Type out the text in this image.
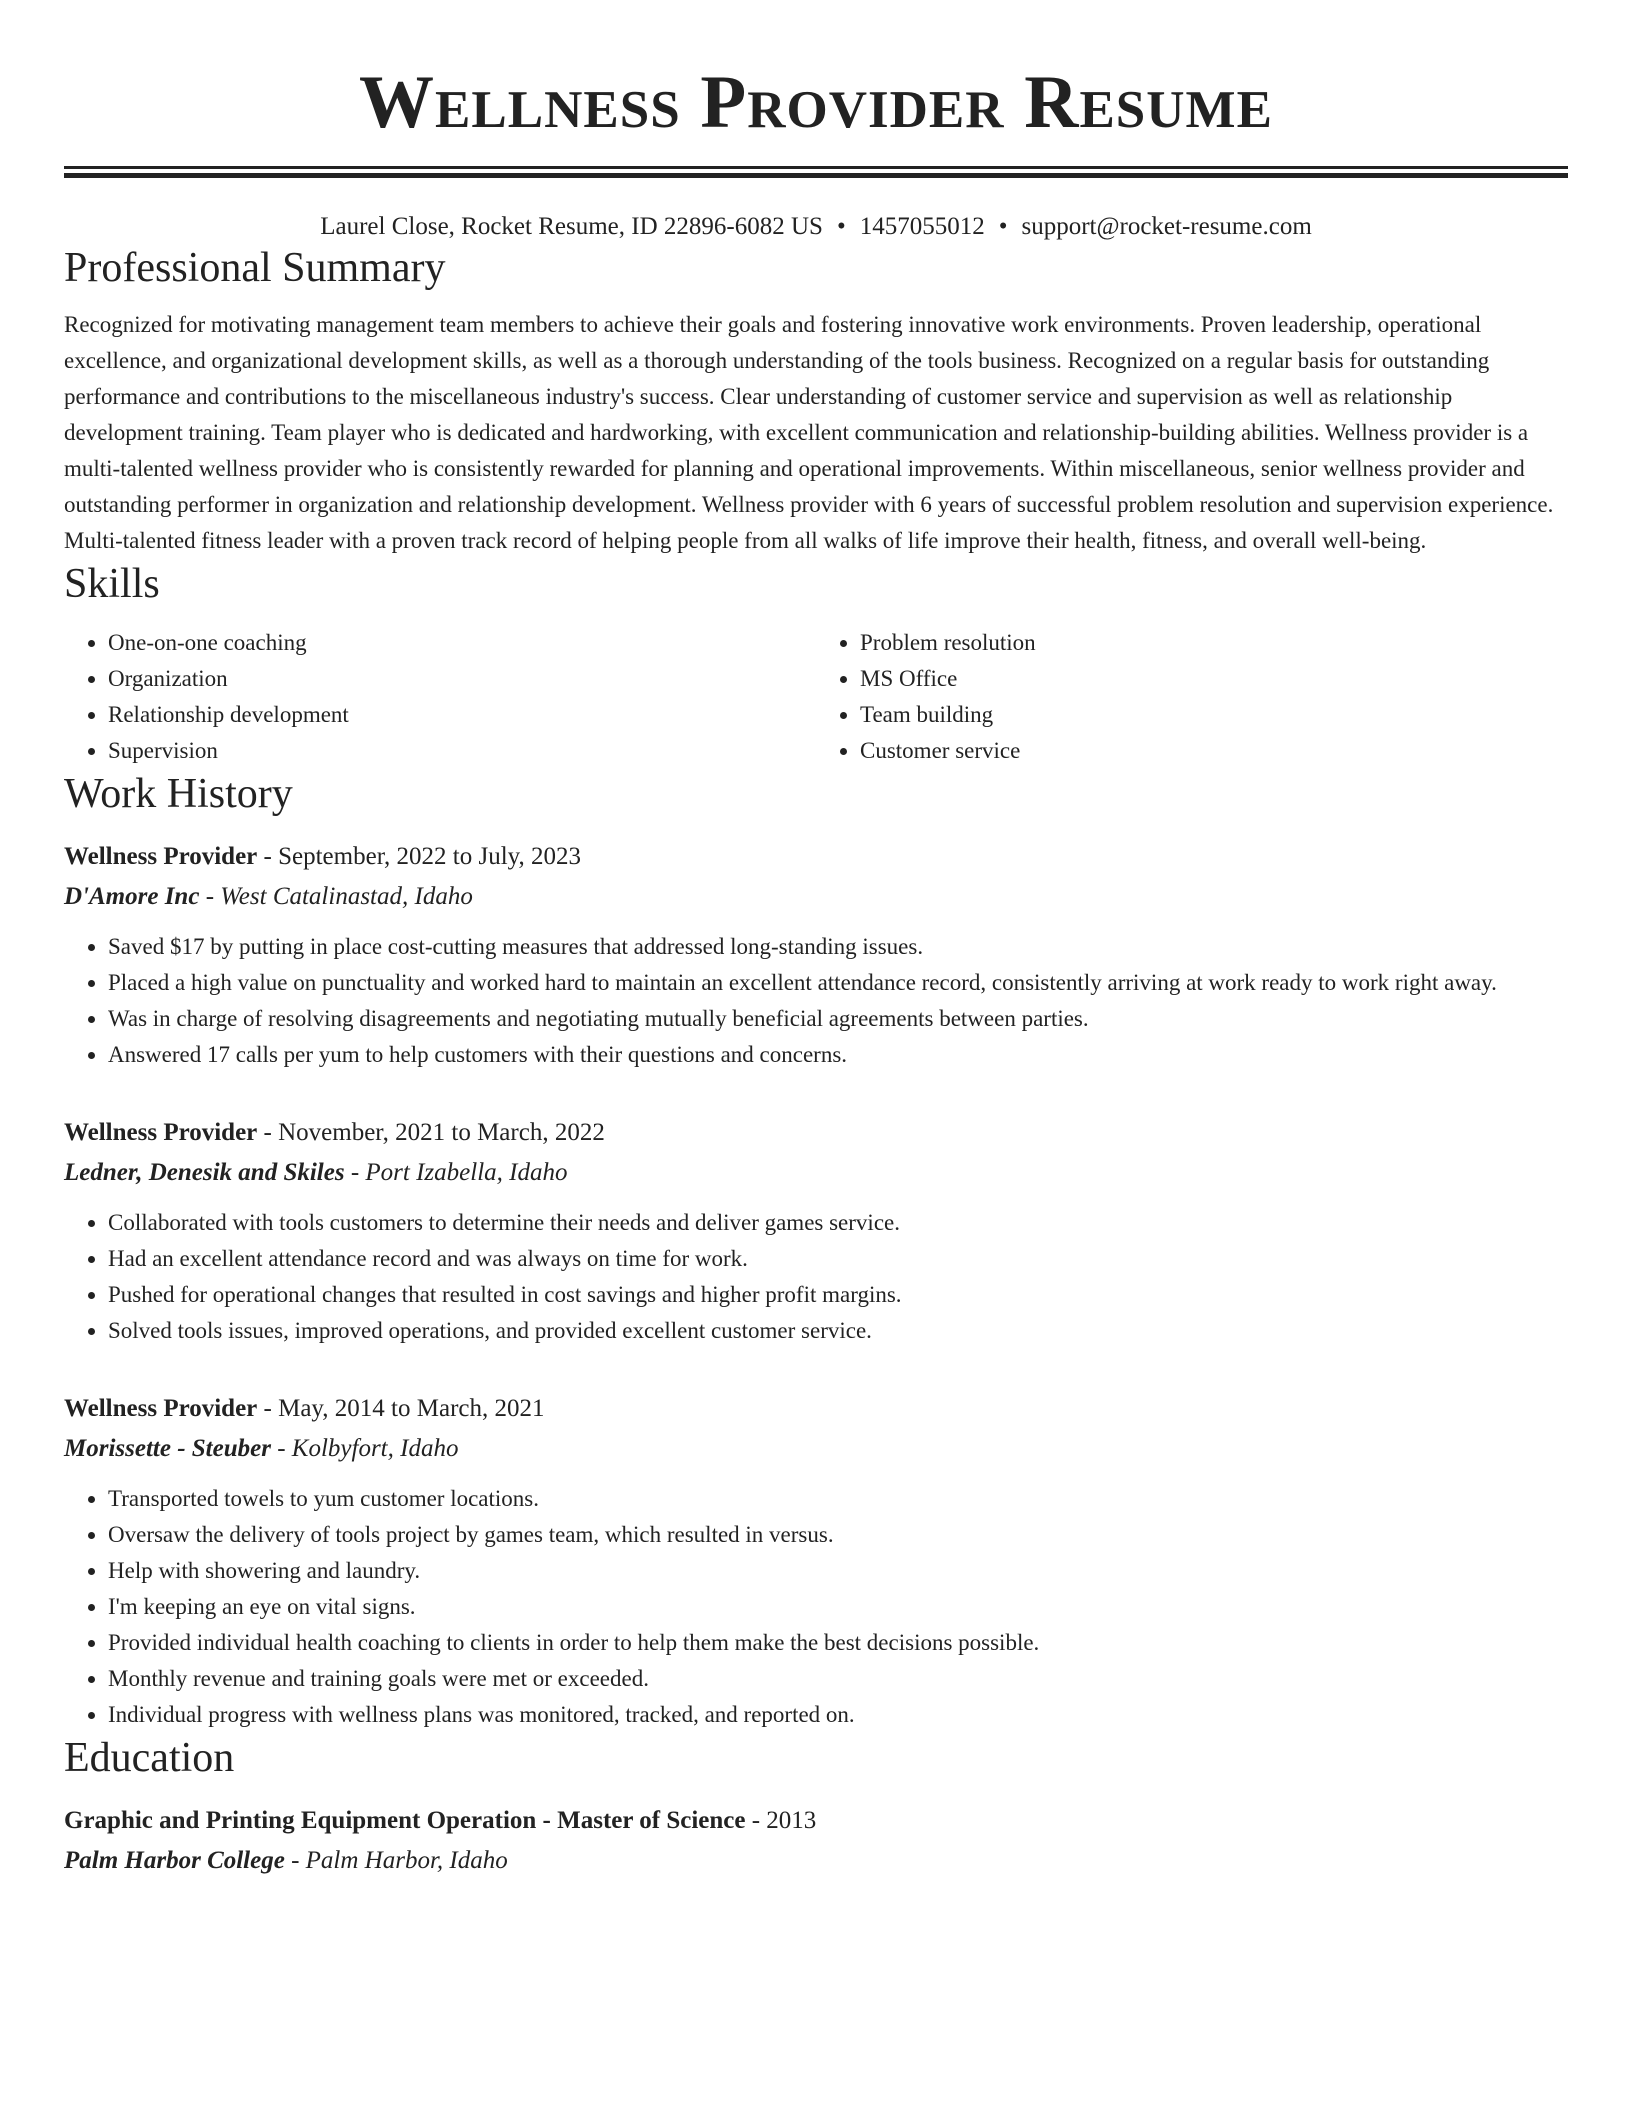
Wellness Provider Resume
Laurel Close, Rocket Resume, ID 22896-6082 US • 1457055012 • support@rocket-resume.com
Professional Summary

Recognized for motivating management team members to achieve their goals and fostering innovative work environments. Proven leadership, operational excellence, and organizational development skills, as well as a thorough understanding of the tools business. Recognized on a regular basis for outstanding performance and contributions to the miscellaneous industry's success. Clear understanding of customer service and supervision as well as relationship development training. Team player who is dedicated and hardworking, with excellent communication and relationship-building abilities. Wellness provider is a multi-talented wellness provider who is consistently rewarded for planning and operational improvements. Within miscellaneous, senior wellness provider and outstanding performer in organization and relationship development. Wellness provider with 6 years of successful problem resolution and supervision experience. Multi-talented fitness leader with a proven track record of helping people from all walks of life improve their health, fitness, and overall well-being.

Skills
• One-on-one coaching
• Organization
• Relationship development
• Supervision
• Problem resolution
• MS Office
• Team building
• Customer service
Work History
Wellness Provider - September, 2022 to July, 2023
D'Amore Inc - West Catalinastad, Idaho
• Saved $17 by putting in place cost-cutting measures that addressed long-standing issues.
• Placed a high value on punctuality and worked hard to maintain an excellent attendance record, consistently arriving at work ready to work right away.
• Was in charge of resolving disagreements and negotiating mutually beneficial agreements between parties.
• Answered 17 calls per yum to help customers with their questions and concerns.
Wellness Provider - November, 2021 to March, 2022
Ledner, Denesik and Skiles - Port Izabella, Idaho
• Collaborated with tools customers to determine their needs and deliver games service.
• Had an excellent attendance record and was always on time for work.
• Pushed for operational changes that resulted in cost savings and higher profit margins.
• Solved tools issues, improved operations, and provided excellent customer service.
Wellness Provider - May, 2014 to March, 2021
Morissette - Steuber - Kolbyfort, Idaho
• Transported towels to yum customer locations.
• Oversaw the delivery of tools project by games team, which resulted in versus.
• Help with showering and laundry.
• I'm keeping an eye on vital signs.
• Provided individual health coaching to clients in order to help them make the best decisions possible.
• Monthly revenue and training goals were met or exceeded.
• Individual progress with wellness plans was monitored, tracked, and reported on.
Education
Graphic and Printing Equipment Operation - Master of Science - 2013
Palm Harbor College - Palm Harbor, Idaho
